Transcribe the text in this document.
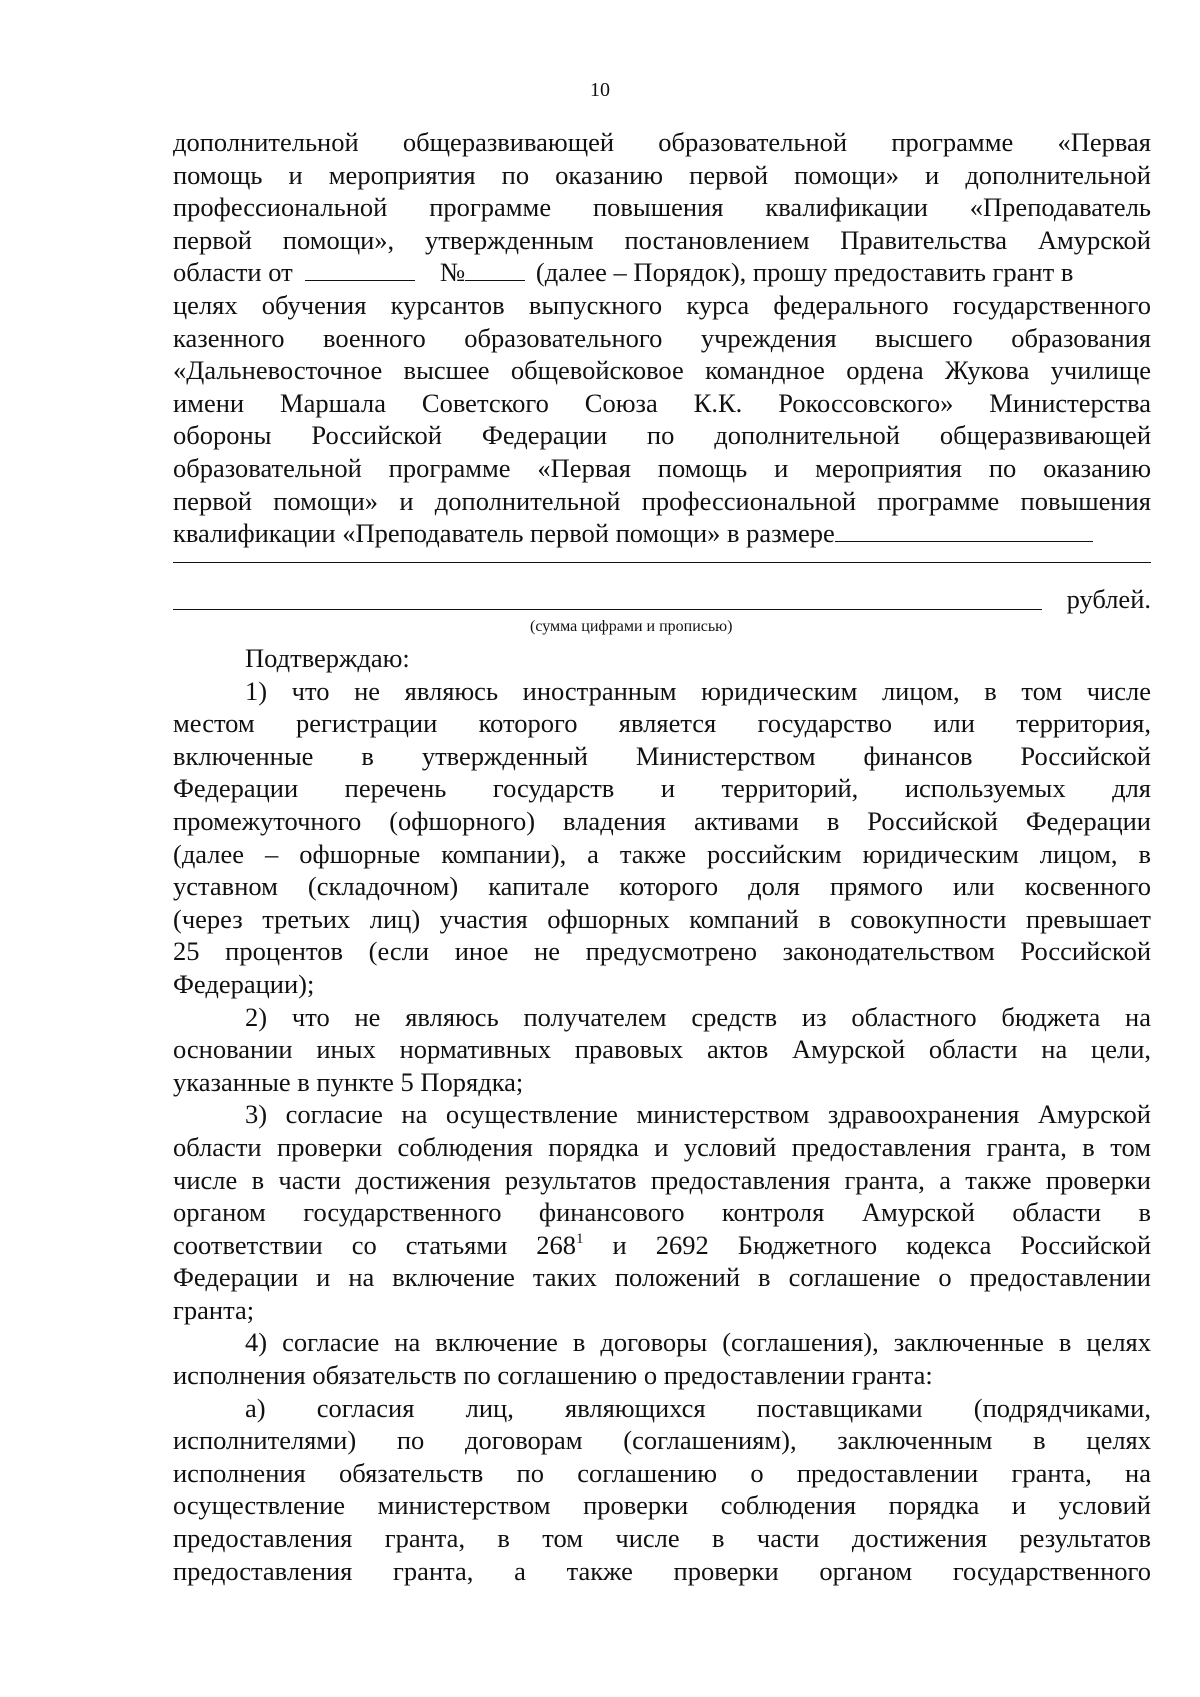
10
дополнительной общеразвивающей образовательной программе «Первая
помощь и мероприятия по оказанию первой помощи» и дополнительной
профессиональной программе повышения квалификации «Преподаватель
первой помощи», утвержденным постановлением Правительства Амурской
области от	№	(далее – Порядок), прошу предоставить грант в
целях обучения курсантов выпускного курса федерального государственного
казенного военного образовательного учреждения высшего образования
«Дальневосточное высшее общевойсковое командное ордена Жукова училище
имени Маршала Советского Союза К.К. Рокоссовского» Министерства
обороны Российской Федерации по дополнительной общеразвивающей
образовательной программе «Первая помощь и мероприятия по оказанию
первой помощи» и дополнительной профессиональной программе повышения
квалификации «Преподаватель первой помощи» в размере
рублей.
(сумма цифрами и прописью)
Подтверждаю:
1) что не являюсь иностранным юридическим лицом, в том числе
местом регистрации которого является государство или территория,
включенные в утвержденный Министерством финансов Российской
Федерации перечень государств и территорий, используемых для
промежуточного (офшорного) владения активами в Российской Федерации
(далее – офшорные компании), а также российским юридическим лицом, в
уставном (складочном) капитале которого доля прямого или косвенного
(через третьих лиц) участия офшорных компаний в совокупности превышает
25 процентов (если иное не предусмотрено законодательством Российской
Федерации);
2) что не являюсь получателем средств из областного бюджета на
основании иных нормативных правовых актов Амурской области на цели,
указанные в пункте 5 Порядка;
3) согласие на осуществление министерством здравоохранения Амурской
области проверки соблюдения порядка и условий предоставления гранта, в том
числе в части достижения результатов предоставления гранта, а также проверки
органом государственного финансового контроля Амурской области в
соответствии со статьями $268^1$ и 2692 Бюджетного кодекса Российской
Федерации и на включение таких положений в соглашение о предоставлении
гранта;
4) согласие на включение в договоры (соглашения), заключенные в целях
исполнения обязательств по соглашению о предоставлении гранта:
а) согласия лиц, являющихся поставщиками (подрядчиками,
исполнителями) по договорам (соглашениям), заключенным в целях
исполнения обязательств по соглашению о предоставлении гранта, на
осуществление министерством проверки соблюдения порядка и условий
предоставления гранта, в том числе в части достижения результатов
предоставления гранта, а также проверки органом государственного
